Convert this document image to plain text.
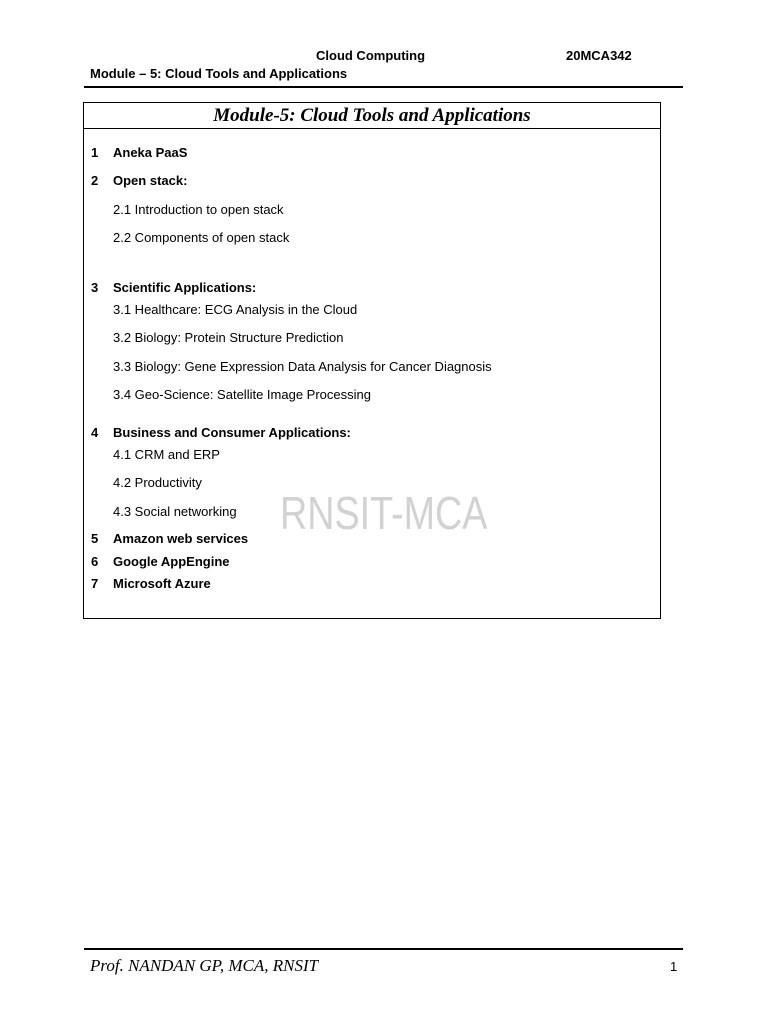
Cloud Computing	20MCA342
Module – 5: Cloud Tools and Applications
Module-5: Cloud Tools and Applications
1	Aneka PaaS
2	Open stack:
2.1 Introduction to open stack
2.2 Components of open stack
3	Scientific Applications:
3.1 Healthcare: ECG Analysis in the Cloud
3.2 Biology: Protein Structure Prediction
3.3 Biology: Gene Expression Data Analysis for Cancer Diagnosis
3.4 Geo-Science: Satellite Image Processing
4	Business and Consumer Applications:
4.1 CRM and ERP
4.2 Productivity
4.3 Social networking
5	Amazon web services
6	Google AppEngine
7	Microsoft Azure
RNSIT-MCA
Prof. NANDAN GP, MCA, RNSIT	1
